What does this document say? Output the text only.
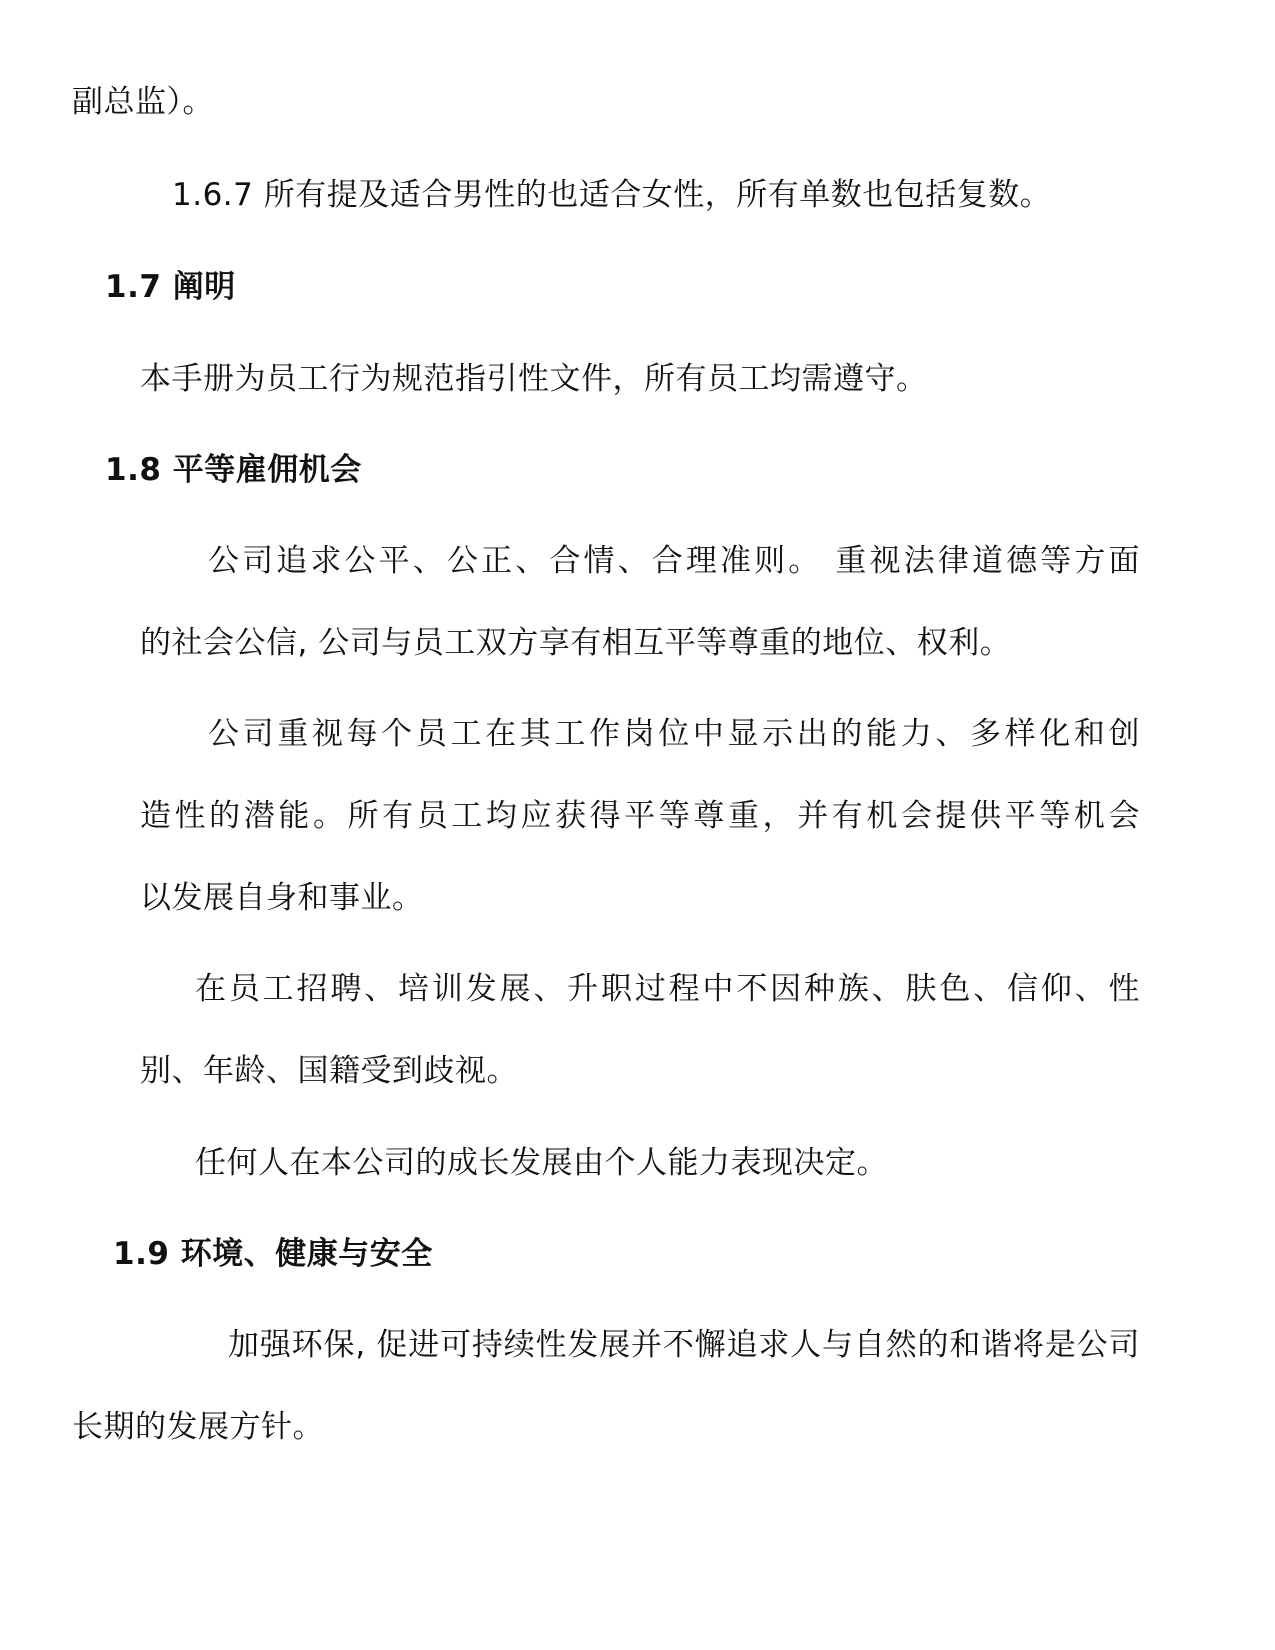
副总监）。
1.6.7 所有提及适合男性的也适合女性，所有单数也包括复数。
1.7 阐明
本手册为员工行为规范指引性文件，所有员工均需遵守。
1.8 平等雇佣机会
公司追求公平、公正、合情、合理准则。 重视法律道德等方面
的社会公信, 公司与员工双方享有相互平等尊重的地位、权利。
公司重视每个员工在其工作岗位中显示出的能力、多样化和创
造性的潜能。所有员工均应获得平等尊重，并有机会提供平等机会
以发展自身和事业。
在员工招聘、培训发展、升职过程中不因种族、肤色、信仰、性
别、年龄、国籍受到歧视。
任何人在本公司的成长发展由个人能力表现决定。
1.9 环境、健康与安全
加强环保, 促进可持续性发展并不懈追求人与自然的和谐将是公司
长期的发展方针。
